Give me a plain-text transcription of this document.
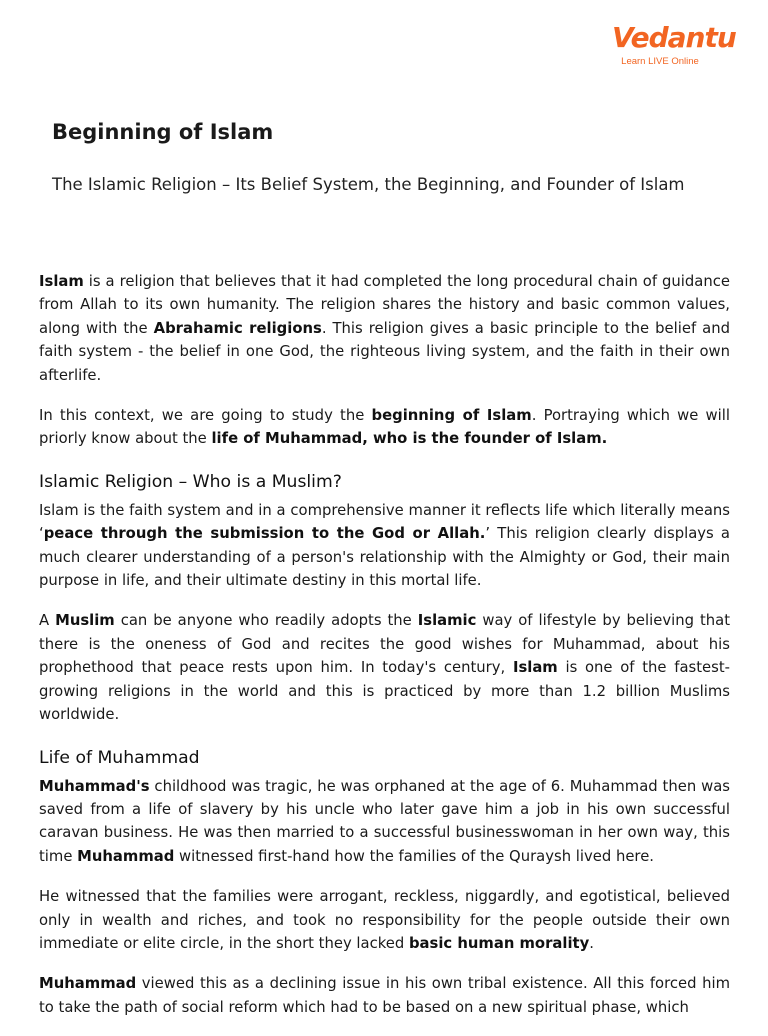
Vedantu
Learn LIVE Online
Beginning of Islam
The Islamic Religion – Its Belief System, the Beginning, and Founder of Islam

Islam is a religion that believes that it had completed the long procedural chain of guidance from Allah to its own humanity. The religion shares the history and basic common values, along with the Abrahamic religions. This religion gives a basic principle to the belief and faith system - the belief in one God, the righteous living system, and the faith in their own afterlife.

In this context, we are going to study the beginning of Islam. Portraying which we will priorly know about the life of Muhammad, who is the founder of Islam.

Islamic Religion – Who is a Muslim?

Islam is the faith system and in a comprehensive manner it reflects life which literally means ‘peace through the submission to the God or Allah.’ This religion clearly displays a much clearer understanding of a person's relationship with the Almighty or God, their main purpose in life, and their ultimate destiny in this mortal life.

A Muslim can be anyone who readily adopts the Islamic way of lifestyle by believing that there is the oneness of God and recites the good wishes for Muhammad, about his prophethood that peace rests upon him. In today's century, Islam is one of the fastest-growing religions in the world and this is practiced by more than 1.2 billion Muslims worldwide.

Life of Muhammad

Muhammad's childhood was tragic, he was orphaned at the age of 6. Muhammad then was saved from a life of slavery by his uncle who later gave him a job in his own successful caravan business. He was then married to a successful businesswoman in her own way, this time Muhammad witnessed first-hand how the families of the Quraysh lived here.

He witnessed that the families were arrogant, reckless, niggardly, and egotistical, believed only in wealth and riches, and took no responsibility for the people outside their own immediate or elite circle, in the short they lacked basic human morality.

Muhammad viewed this as a declining issue in his own tribal existence. All this forced him to take the path of social reform which had to be based on a new spiritual phase, which
